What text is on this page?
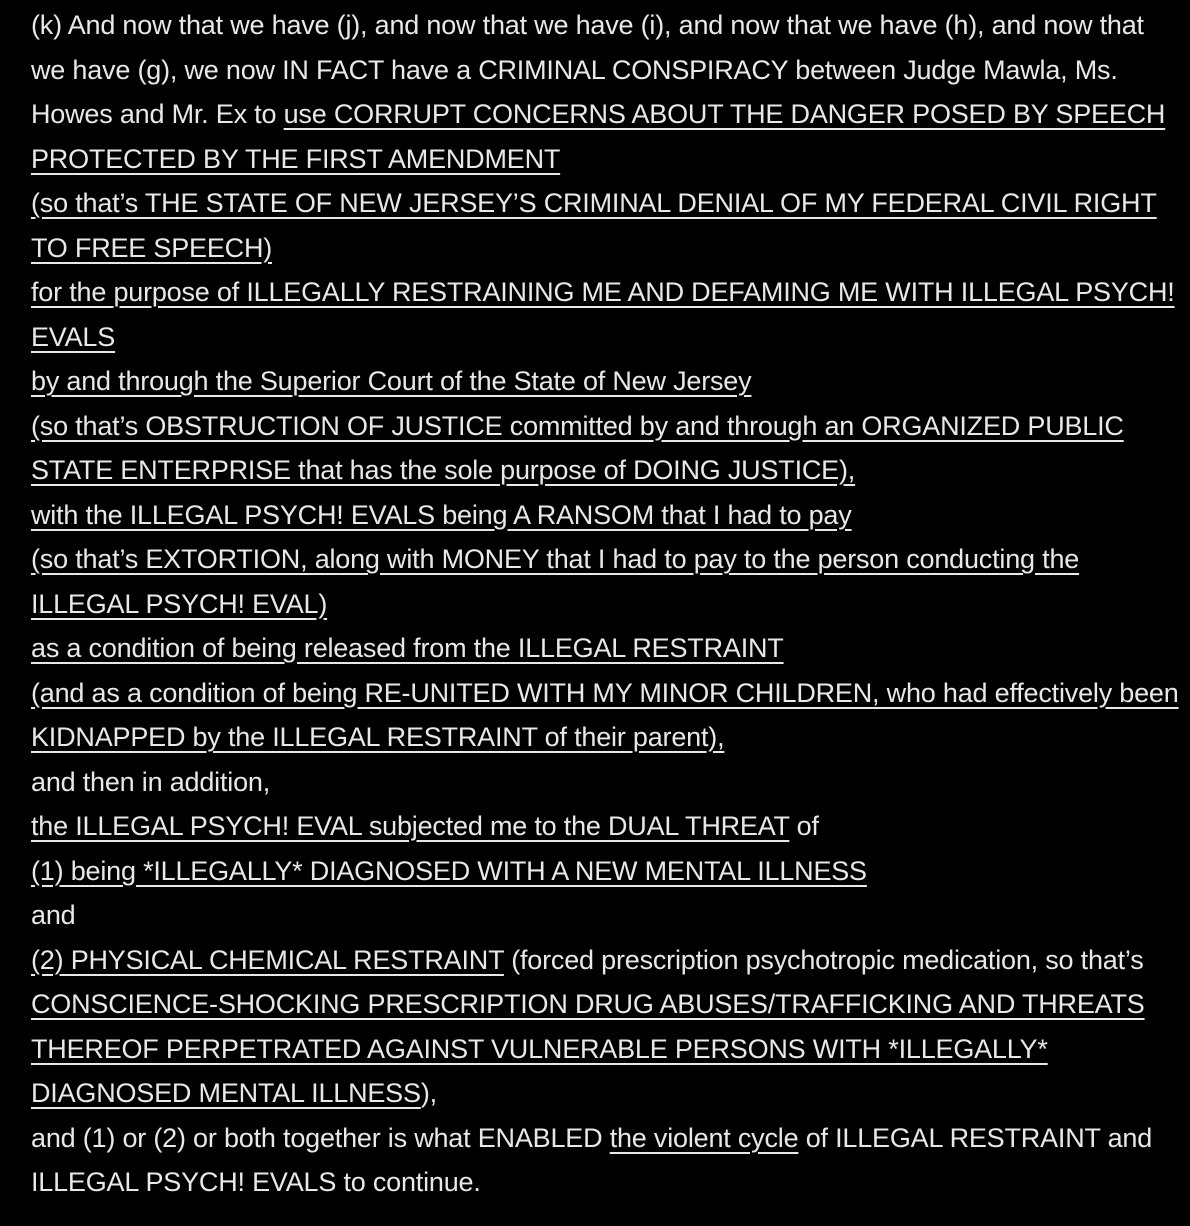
(k) And now that we have (j), and now that we have (i), and now that we have (h), and now that we have (g), we now IN FACT have a CRIMINAL CONSPIRACY between Judge Mawla, Ms. Howes and Mr. Ex to use CORRUPT CONCERNS ABOUT THE DANGER POSED BY SPEECH PROTECTED BY THE FIRST AMENDMENT
(so that’s THE STATE OF NEW JERSEY’S CRIMINAL DENIAL OF MY FEDERAL CIVIL RIGHT TO FREE SPEECH)
for the purpose of ILLEGALLY RESTRAINING ME AND DEFAMING ME WITH ILLEGAL PSYCH! EVALS
by and through the Superior Court of the State of New Jersey
(so that’s OBSTRUCTION OF JUSTICE committed by and through an ORGANIZED PUBLIC STATE ENTERPRISE that has the sole purpose of DOING JUSTICE),
with the ILLEGAL PSYCH! EVALS being A RANSOM that I had to pay
(so that’s EXTORTION, along with MONEY that I had to pay to the person conducting the ILLEGAL PSYCH! EVAL)
as a condition of being released from the ILLEGAL RESTRAINT
(and as a condition of being RE-UNITED WITH MY MINOR CHILDREN, who had effectively been KIDNAPPED by the ILLEGAL RESTRAINT of their parent),
and then in addition,
the ILLEGAL PSYCH! EVAL subjected me to the DUAL THREAT of
(1) being *ILLEGALLY* DIAGNOSED WITH A NEW MENTAL ILLNESS
and
(2) PHYSICAL CHEMICAL RESTRAINT (forced prescription psychotropic medication, so that’s CONSCIENCE-SHOCKING PRESCRIPTION DRUG ABUSES/TRAFFICKING AND THREATS THEREOF PERPETRATED AGAINST VULNERABLE PERSONS WITH *ILLEGALLY* DIAGNOSED MENTAL ILLNESS),
and (1) or (2) or both together is what ENABLED the violent cycle of ILLEGAL RESTRAINT and ILLEGAL PSYCH! EVALS to continue.
